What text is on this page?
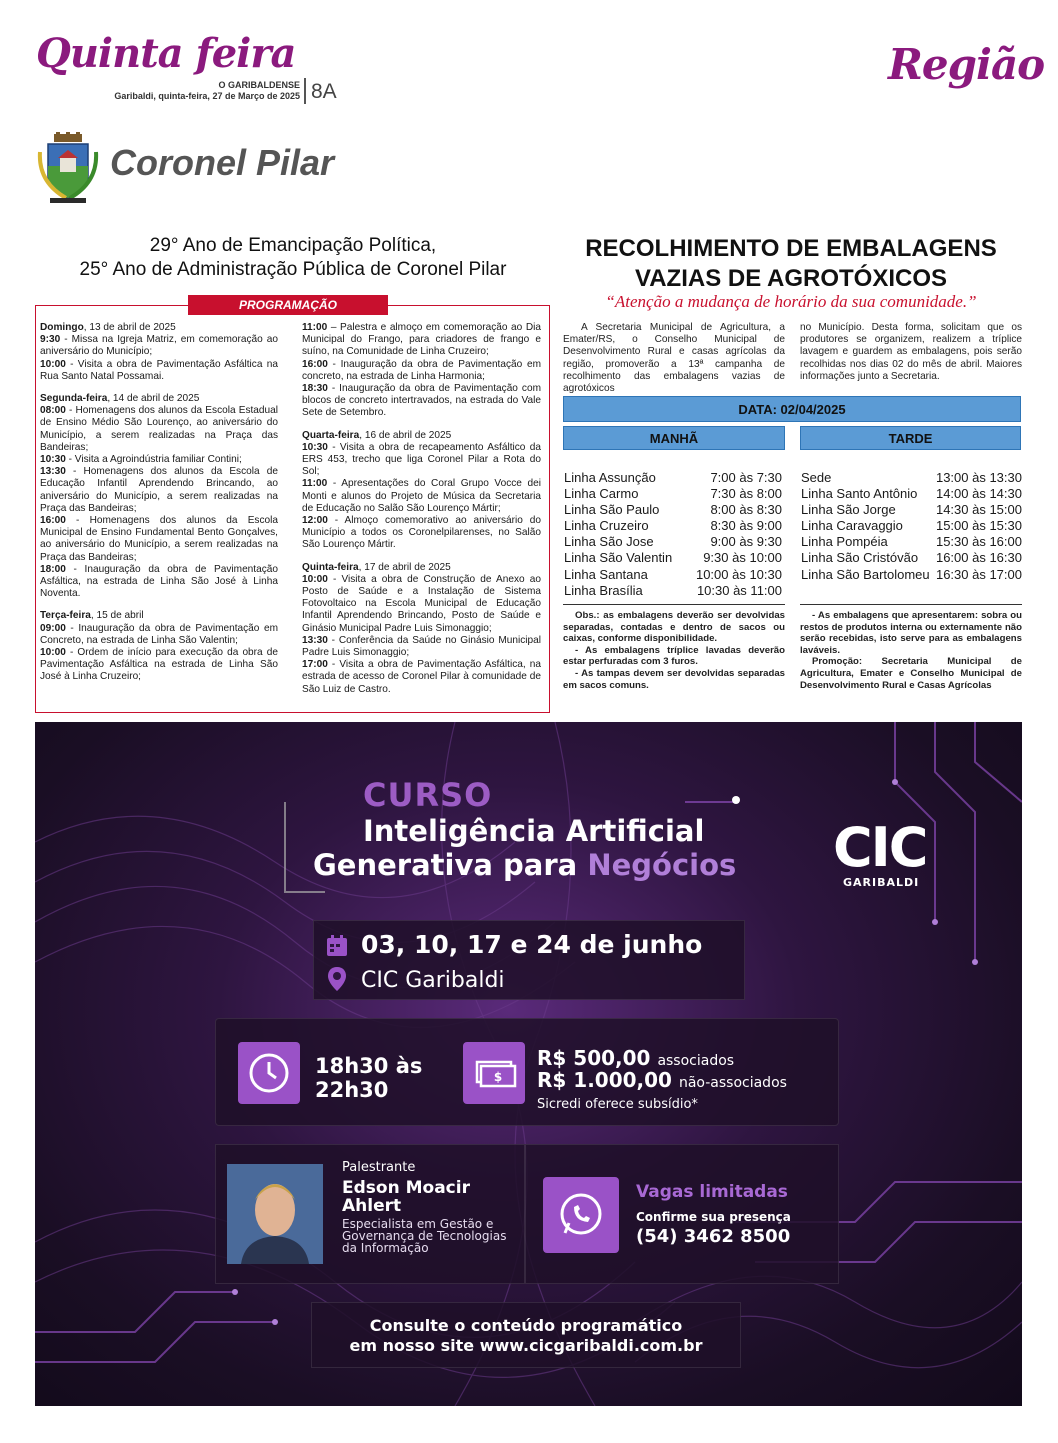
Quinta feira
O GARIBALDENSE
Garibaldi, quinta-feira, 27 de Março de 2025 8A
Região
Coronel Pilar
29° Ano de Emancipação Política,
25° Ano de Administração Pública de Coronel Pilar
PROGRAMAÇÃO

Domingo, 13 de abril de 2025

9:30 - Missa na Igreja Matriz, em comemoração ao aniversário do Município;

10:00 - Visita a obra de Pavimentação Asfáltica na Rua Santo Natal Possamai.

Segunda-feira, 14 de abril de 2025

08:00 - Homenagens dos alunos da Escola Estadual de Ensino Médio São Lourenço, ao aniversário do Município, a serem realizadas na Praça das Bandeiras;

10:30 - Visita a Agroindústria familiar Contini;

13:30 - Homenagens dos alunos da Escola de Educação Infantil Aprendendo Brincando, ao aniversário do Município, a serem realizadas na Praça das Bandeiras;

16:00 - Homenagens dos alunos da Escola Municipal de Ensino Fundamental Bento Gonçalves, ao aniversário do Município, a serem realizadas na Praça das Bandeiras;

18:00 - Inauguração da obra de Pavimentação Asfáltica, na estrada de Linha São José à Linha Noventa.

Terça-feira, 15 de abril

09:00 - Inauguração da obra de Pavimentação em Concreto, na estrada de Linha São Valentin;

10:00 - Ordem de início para execução da obra de Pavimentação Asfáltica na estrada de Linha São José à Linha Cruzeiro;

11:00 – Palestra e almoço em comemoração ao Dia Municipal do Frango, para criadores de frango e suíno, na Comunidade de Linha Cruzeiro;

16:00 - Inauguração da obra de Pavimentação em concreto, na estrada de Linha Harmonia;

18:30 - Inauguração da obra de Pavimentação com blocos de concreto intertravados, na estrada do Vale Sete de Setembro.

Quarta-feira, 16 de abril de 2025

10:30 - Visita a obra de recapeamento Asfáltico da ERS 453, trecho que liga Coronel Pilar a Rota do Sol;

11:00 - Apresentações do Coral Grupo Vocce dei Monti e alunos do Projeto de Música da Secretaria de Educação no Salão São Lourenço Mártir;

12:00 - Almoço comemorativo ao aniversário do Município a todos os Coronelpilarenses, no Salão São Lourenço Mártir.

Quinta-feira, 17 de abril de 2025

10:00 - Visita a obra de Construção de Anexo ao Posto de Saúde e a Instalação de Sistema Fotovoltaico na Escola Municipal de Educação Infantil Aprendendo Brincando, Posto de Saúde e Ginásio Municipal Padre Luis Simonaggio;

13:30 - Conferência da Saúde no Ginásio Municipal Padre Luis Simonaggio;

17:00 - Visita a obra de Pavimentação Asfáltica, na estrada de acesso de Coronel Pilar à comunidade de São Luiz de Castro.

RECOLHIMENTO DE EMBALAGENS
VAZIAS DE AGROTÓXICOS
“Atenção a mudança de horário da sua comunidade.”
A Secretaria Municipal de Agricultura, a Emater/RS, o Conselho Municipal de Desenvolvimento Rural e casas agrícolas da região, promoverão a 13ª campanha de recolhimento das embalagens vazias de agrotóxicos
no Município. Desta forma, solicitam que os produtores se organizem, realizem a tríplice lavagem e guardem as embalagens, pois serão recolhidas nos dias 02 do mês de abril. Maiores informações junto a Secretaria.
DATA: 02/04/2025
MANHÃ	TARDE
Linha Assunção	7:00 às 7:30
Linha Carmo	7:30 às 8:00
Linha São Paulo	8:00 às 8:30
Linha Cruzeiro	8:30 às 9:00
Linha São Jose	9:00 às 9:30
Linha São Valentin 9:30 às 10:00
Linha Santana	10:00 às 10:30
Linha Brasília	10:30 às 11:00
Sede	13:00 às 13:30
Linha Santo Antônio 14:00 às 14:30
Linha São Jorge	14:30 às 15:00
Linha Caravaggio	15:00 às 15:30
Linha Pompéia	15:30 às 16:00
Linha São Cristóvão 16:00 às 16:30
Linha São Bartolomeu 16:30 às 17:00

Obs.: as embalagens deverão ser devolvidas separadas, contadas e dentro de sacos ou caixas, conforme disponibilidade.

- As embalagens tríplice lavadas deverão estar perfuradas com 3 furos.

- As tampas devem ser devolvidas separadas em sacos comuns.

- As embalagens que apresentarem: sobra ou restos de produtos interna ou externamente não serão recebidas, isto serve para as embalagens laváveis.

Promoção: Secretaria Municipal de Agricultura, Emater e Conselho Municipal de Desenvolvimento Rural e Casas Agrícolas

CURSO
Inteligência Artificial
Generativa para Negócios CIC
GARIBALDI
03, 10, 17 e 24 de junho
CIC Garibaldi
18h30 às 22h30
$
R$ 500,00 associados
R$ 1.000,00 não-associados
Sicredi oferece subsídio*
Palestrante
Edson Moacir
Ahlert
Especialista em Gestão e Governança de Tecnologias da Informação
Vagas limitadas
Confirme sua presença
(54) 3462 8500
Consulte o conteúdo programático
em nosso site www.cicgaribaldi.com.br
